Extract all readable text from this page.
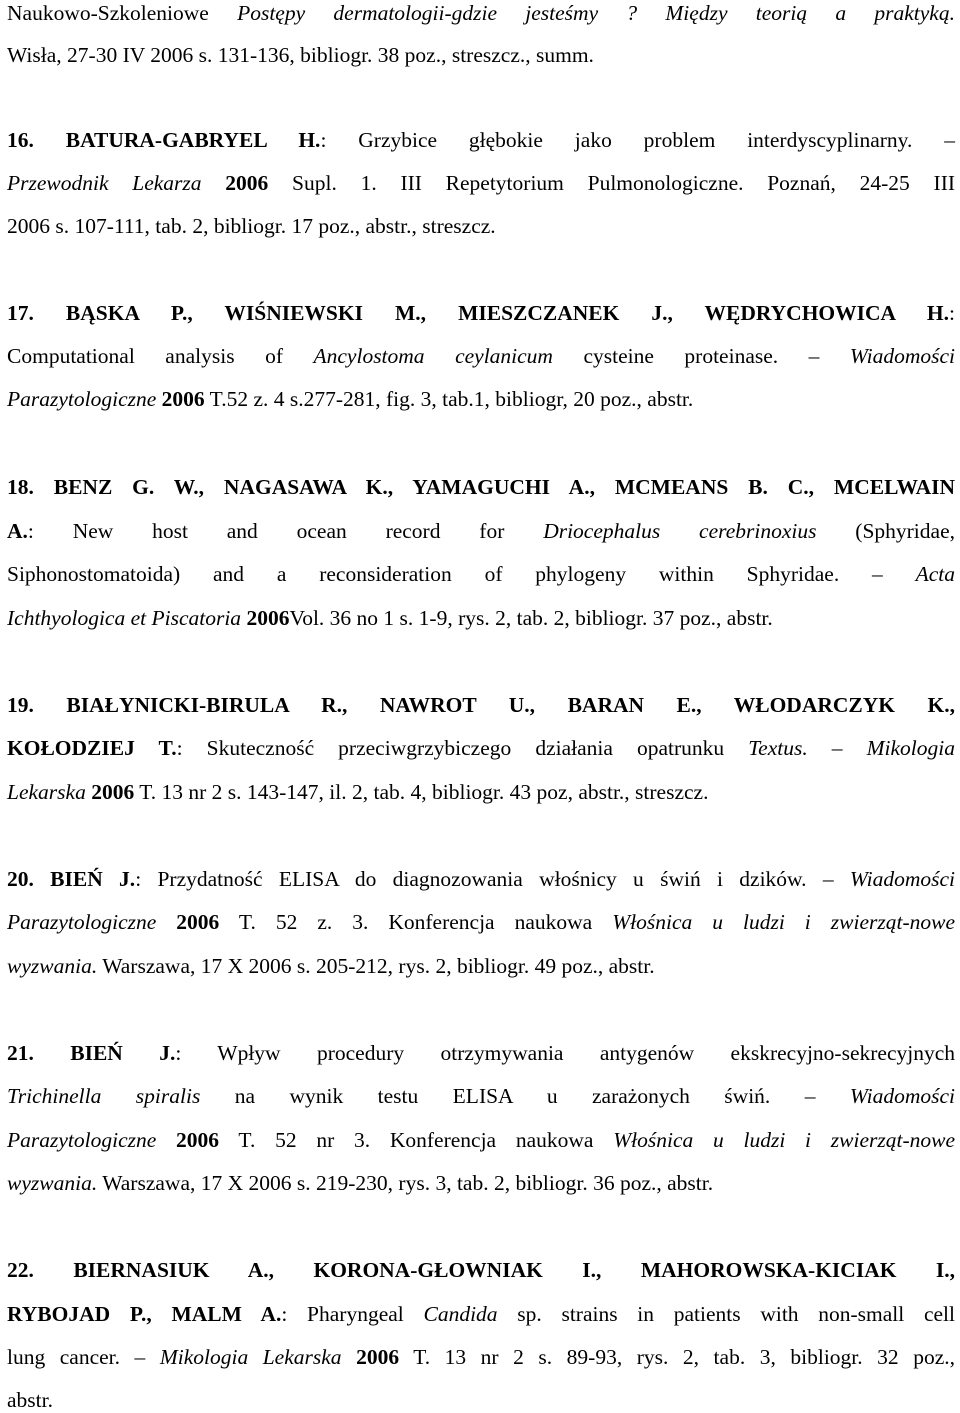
Naukowo-Szkoleniowe Postępy dermatologii-gdzie jesteśmy ? Między teorią a praktyką.
Wisła, 27-30 IV 2006 s. 131-136, bibliogr. 38 poz., streszcz., summ.
16. BATURA-GABRYEL H.: Grzybice głębokie jako problem interdyscyplinarny. –
Przewodnik Lekarza 2006 Supl. 1. III Repetytorium Pulmonologiczne. Poznań, 24-25 III
2006 s. 107-111, tab. 2, bibliogr. 17 poz., abstr., streszcz.
17. BĄSKA P., WIŚNIEWSKI M., MIESZCZANEK J., WĘDRYCHOWICA H.:
Computational analysis of Ancylostoma ceylanicum cysteine proteinase. – Wiadomości
Parazytologiczne 2006 T.52 z. 4 s.277-281, fig. 3, tab.1, bibliogr, 20 poz., abstr.
18. BENZ G. W., NAGASAWA K., YAMAGUCHI A., MCMEANS B. C., MCELWAIN
A.: New host and ocean record for Driocephalus cerebrinoxius (Sphyridae,
Siphonostomatoida) and a reconsideration of phylogeny within Sphyridae. – Acta
Ichthyologica et Piscatoria 2006Vol. 36 no 1 s. 1-9, rys. 2, tab. 2, bibliogr. 37 poz., abstr.
19. BIAŁYNICKI-BIRULA R., NAWROT U., BARAN E., WŁODARCZYK K.,
KOŁODZIEJ T.: Skuteczność przeciwgrzybiczego działania opatrunku Textus. – Mikologia
Lekarska 2006 T. 13 nr 2 s. 143-147, il. 2, tab. 4, bibliogr. 43 poz, abstr., streszcz.
20. BIEŃ J.: Przydatność ELISA do diagnozowania włośnicy u świń i dzików. – Wiadomości
Parazytologiczne 2006 T. 52 z. 3. Konferencja naukowa Włośnica u ludzi i zwierząt-nowe
wyzwania. Warszawa, 17 X 2006 s. 205-212, rys. 2, bibliogr. 49 poz., abstr.
21. BIEŃ J.: Wpływ procedury otrzymywania antygenów ekskrecyjno-sekrecyjnych
Trichinella spiralis na wynik testu ELISA u zarażonych świń. – Wiadomości
Parazytologiczne 2006 T. 52 nr 3. Konferencja naukowa Włośnica u ludzi i zwierząt-nowe
wyzwania. Warszawa, 17 X 2006 s. 219-230, rys. 3, tab. 2, bibliogr. 36 poz., abstr.
22. BIERNASIUK A., KORONA-GŁOWNIAK I., MAHOROWSKA-KICIAK I.,
RYBOJAD P., MALM A.: Pharyngeal Candida sp. strains in patients with non-small cell
lung cancer. – Mikologia Lekarska 2006 T. 13 nr 2 s. 89-93, rys. 2, tab. 3, bibliogr. 32 poz.,
abstr.
